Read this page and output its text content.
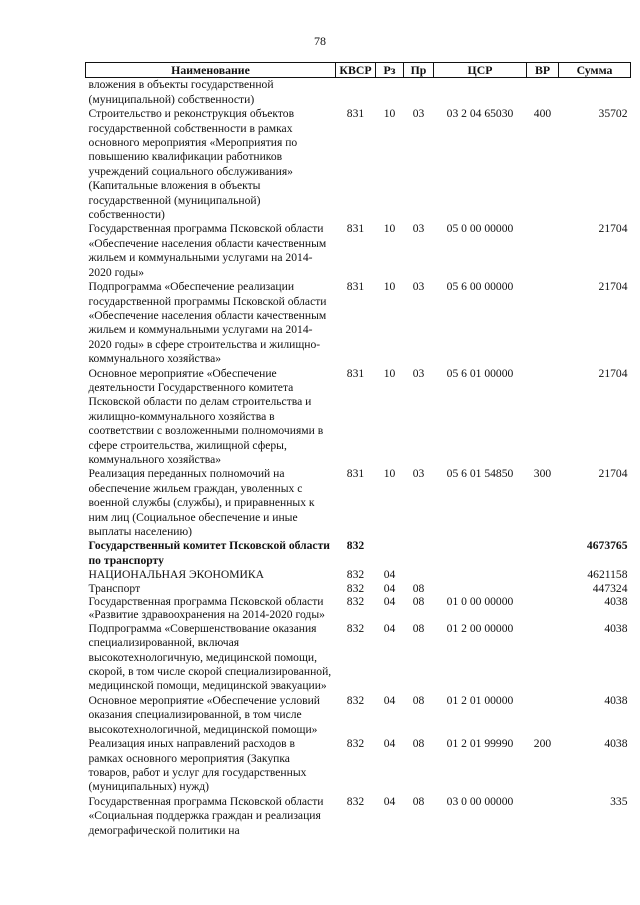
78
Наименование	КВСР	Рз	Пр	ЦСР	ВР	Сумма
вложения в объекты государственной (муниципальной) собственности)						
Строительство и реконструкция объектов государственной собственности в рамках основного мероприятия «Мероприятия по повышению квалификации работников учреждений социального обслуживания» (Капитальные вложения в объекты государственной (муниципальной) собственности)	831	10	03	03 2 04 65030	400	35702
Государственная программа Псковской области «Обеспечение населения области качественным жильем и коммунальными услугами на 2014-2020 годы»	831	10	03	05 0 00 00000		21704
Подпрограмма «Обеспечение реализации государственной программы Псковской области «Обеспечение населения области качественным жильем и коммунальными услугами на 2014-2020 годы» в сфере строительства и жилищно-коммунального хозяйства»	831	10	03	05 6 00 00000		21704
Основное мероприятие «Обеспечение деятельности Государственного комитета Псковской области по делам строительства и жилищно-коммунального хозяйства в соответствии с возложенными полномочиями в сфере строительства, жилищной сферы, коммунального хозяйства»	831	10	03	05 6 01 00000		21704
Реализация переданных полномочий на обеспечение жильем граждан, уволенных с военной службы (службы), и приравненных к ним лиц (Социальное обеспечение и иные выплаты населению)	831	10	03	05 6 01 54850	300	21704
Государственный комитет Псковской области по транспорту	832					4673765
НАЦИОНАЛЬНАЯ ЭКОНОМИКА	832	04				4621158
Транспорт	832	04	08			447324
Государственная программа Псковской области «Развитие здравоохранения на 2014-2020 годы»	832	04	08	01 0 00 00000		4038
Подпрограмма «Совершенствование оказания специализированной, включая высокотехнологичную, медицинской помощи, скорой, в том числе скорой специализированной, медицинской помощи, медицинской эвакуации»	832	04	08	01 2 00 00000		4038
Основное мероприятие «Обеспечение условий оказания специализированной, в том числе высокотехнологичной, медицинской помощи»	832	04	08	01 2 01 00000		4038
Реализация иных направлений расходов в рамках основного мероприятия (Закупка товаров, работ и услуг для государственных (муниципальных) нужд)	832	04	08	01 2 01 99990	200	4038
Государственная программа Псковской области «Социальная поддержка граждан и реализация демографической политики на	832	04	08	03 0 00 00000		335
